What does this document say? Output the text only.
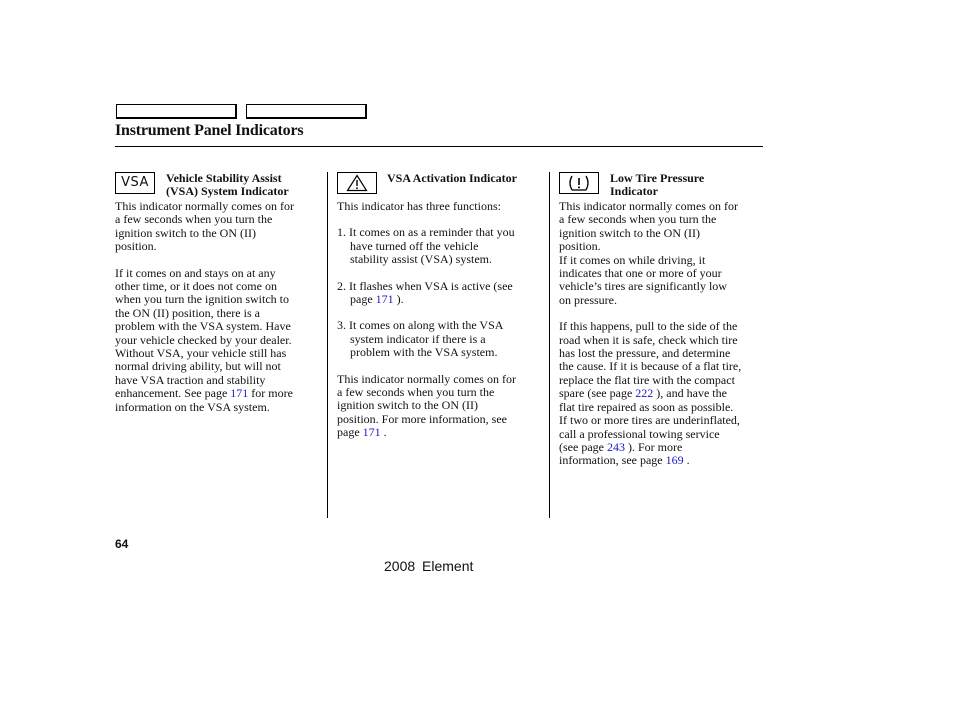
Instrument Panel Indicators
VSA Vehicle Stability Assist
(VSA) System Indicator

This indicator normally comes on for

a few seconds when you turn the

ignition switch to the ON (II)

position.

If it comes on and stays on at any

other time, or it does not come on

when you turn the ignition switch to

the ON (II) position, there is a

problem with the VSA system. Have

your vehicle checked by your dealer.

Without VSA, your vehicle still has

normal driving ability, but will not

have VSA traction and stability

enhancement. See page 171 for more

information on the VSA system.

VSA Activation Indicator

This indicator has three functions:

1. It comes on as a reminder that you

have turned off the vehicle

stability assist (VSA) system.

2. It flashes when VSA is active (see

page 171 ).

3. It comes on along with the VSA

system indicator if there is a

problem with the VSA system.

This indicator normally comes on for

a few seconds when you turn the

ignition switch to the ON (II)

position. For more information, see

page 171 .

Low Tire Pressure
Indicator

This indicator normally comes on for

a few seconds when you turn the

ignition switch to the ON (II)

position.

If it comes on while driving, it

indicates that one or more of your

vehicle’s tires are significantly low

on pressure.

If this happens, pull to the side of the

road when it is safe, check which tire

has lost the pressure, and determine

the cause. If it is because of a flat tire,

replace the flat tire with the compact

spare (see page 222 ), and have the

flat tire repaired as soon as possible.

If two or more tires are underinflated,

call a professional towing service

(see page 243 ). For more

information, see page 169 .

64
2008 Element
